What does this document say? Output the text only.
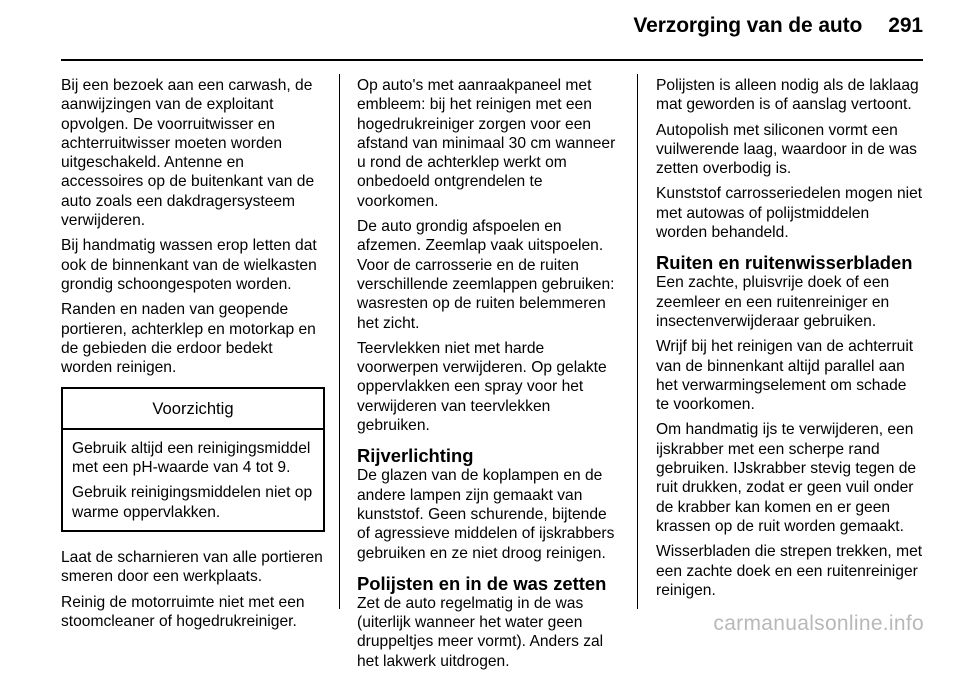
Verzorging van de auto 291

Bij een bezoek aan een carwash, de aanwijzingen van de exploitant opvolgen. De voorruitwisser en achterruitwisser moeten worden uitgeschakeld. Antenne en accessoires op de buitenkant van de auto zoals een dakdragersysteem verwijderen.

Bij handmatig wassen erop letten dat ook de binnenkant van de wielkasten grondig schoongespoten worden.

Randen en naden van geopende portieren, achterklep en motorkap en de gebieden die erdoor bedekt worden reinigen.

Voorzichtig

Gebruik altijd een reinigingsmiddel met een pH-waarde van 4 tot 9.

Gebruik reinigingsmiddelen niet op warme oppervlakken.

Laat de scharnieren van alle portieren smeren door een werkplaats.

Reinig de motorruimte niet met een stoomcleaner of hogedrukreiniger.

Op auto's met aanraakpaneel met embleem: bij het reinigen met een hogedrukreiniger zorgen voor een afstand van minimaal 30 cm wanneer u rond de achterklep werkt om onbedoeld ontgrendelen te voorkomen.

De auto grondig afspoelen en afzemen. Zeemlap vaak uitspoelen. Voor de carrosserie en de ruiten verschillende zeemlappen gebruiken: wasresten op de ruiten belemmeren het zicht.

Teervlekken niet met harde voorwerpen verwijderen. Op gelakte oppervlakken een spray voor het verwijderen van teervlekken gebruiken.

Rijverlichting

De glazen van de koplampen en de andere lampen zijn gemaakt van kunststof. Geen schurende, bijtende of agressieve middelen of ijskrabbers gebruiken en ze niet droog reinigen.

Polijsten en in de was zetten

Zet de auto regelmatig in de was (uiterlijk wanneer het water geen druppeltjes meer vormt). Anders zal het lakwerk uitdrogen.

Polijsten is alleen nodig als de laklaag mat geworden is of aanslag vertoont.

Autopolish met siliconen vormt een vuilwerende laag, waardoor in de was zetten overbodig is.

Kunststof carrosseriedelen mogen niet met autowas of polijstmiddelen worden behandeld.

Ruiten en ruitenwisserbladen

Een zachte, pluisvrije doek of een zeemleer en een ruitenreiniger en insectenverwijderaar gebruiken.

Wrijf bij het reinigen van de achterruit van de binnenkant altijd parallel aan het verwarmingselement om schade te voorkomen.

Om handmatig ijs te verwijderen, een ijskrabber met een scherpe rand gebruiken. IJskrabber stevig tegen de ruit drukken, zodat er geen vuil onder de krabber kan komen en er geen krassen op de ruit worden gemaakt.

Wisserbladen die strepen trekken, met een zachte doek en een ruitenreiniger reinigen.

carmanualsonline.info
